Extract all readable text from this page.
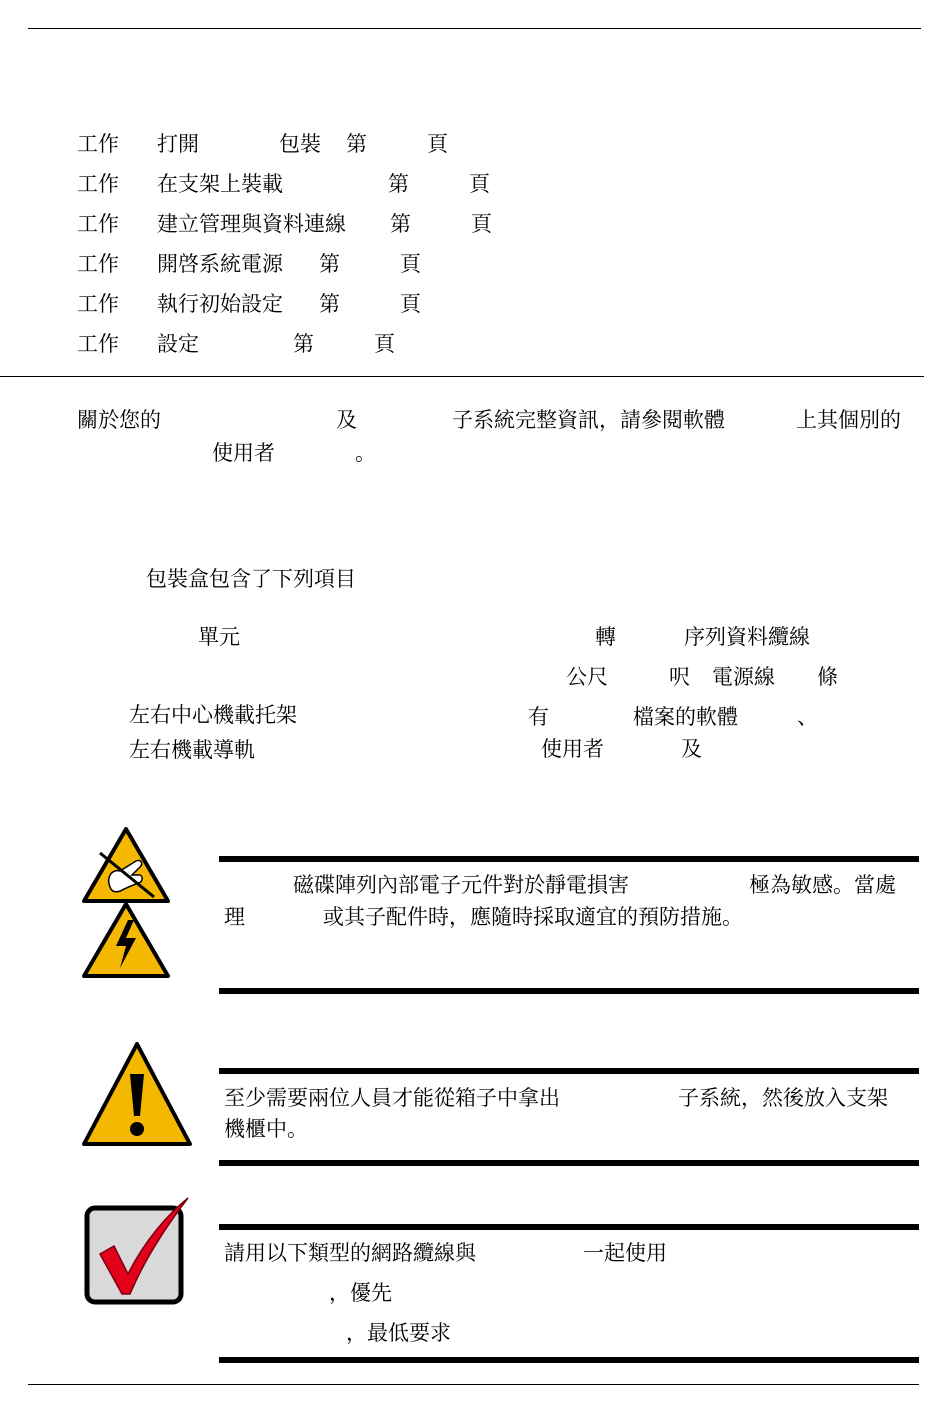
工作 打開	包裝 第	頁
工作 在支架上裝載	第	頁
工作 建立管理與資料連線 第	頁
工作 開啓系統電源 第	頁
工作 執行初始設定 第	頁
工作 設定	第	頁
關於您的	及	子系統完整資訊，請參閱軟體	上其個別的
使用者	。
包裝盒包含了下列項目
單元
左右中心機載托架
左右機載導軌
轉	序列資料纜線
公尺	呎 電源線 條
有	檔案的軟體	、
使用者	及
磁碟陣列內部電子元件對於靜電損害	極為敏感。當處
理	或其子配件時，應隨時採取適宜的預防措施。
至少需要兩位人員才能從箱子中拿出	子系統，然後放入支架
機櫃中。
請用以下類型的網路纜線與	一起使用
，優先
，最低要求
